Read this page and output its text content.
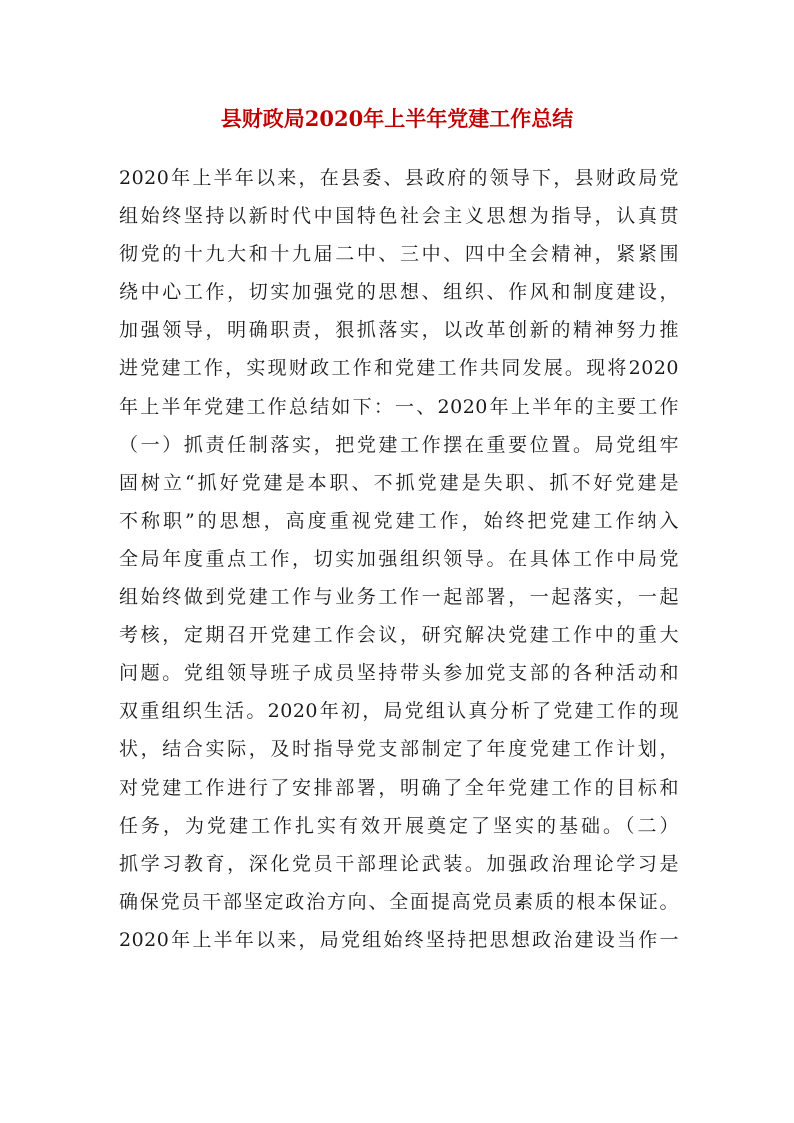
县财政局2020年上半年党建工作总结
2020年上半年以来，在县委、县政府的领导下，县财政局党
组始终坚持以新时代中国特色社会主义思想为指导，认真贯
彻党的十九大和十九届二中、三中、四中全会精神，紧紧围
绕中心工作，切实加强党的思想、组织、作风和制度建设，
加强领导，明确职责，狠抓落实，以改革创新的精神努力推
进党建工作，实现财政工作和党建工作共同发展。现将2020
年上半年党建工作总结如下：一、2020年上半年的主要工作
（一）抓责任制落实，把党建工作摆在重要位置。局党组牢
固树立“抓好党建是本职、不抓党建是失职、抓不好党建是
不称职”的思想，高度重视党建工作，始终把党建工作纳入
全局年度重点工作，切实加强组织领导。在具体工作中局党
组始终做到党建工作与业务工作一起部署，一起落实，一起
考核，定期召开党建工作会议，研究解决党建工作中的重大
问题。党组领导班子成员坚持带头参加党支部的各种活动和
双重组织生活。2020年初，局党组认真分析了党建工作的现
状，结合实际，及时指导党支部制定了年度党建工作计划，
对党建工作进行了安排部署，明确了全年党建工作的目标和
任务，为党建工作扎实有效开展奠定了坚实的基础。（二）
抓学习教育，深化党员干部理论武装。加强政治理论学习是
确保党员干部坚定政治方向、全面提高党员素质的根本保证。
2020年上半年以来，局党组始终坚持把思想政治建设当作一
